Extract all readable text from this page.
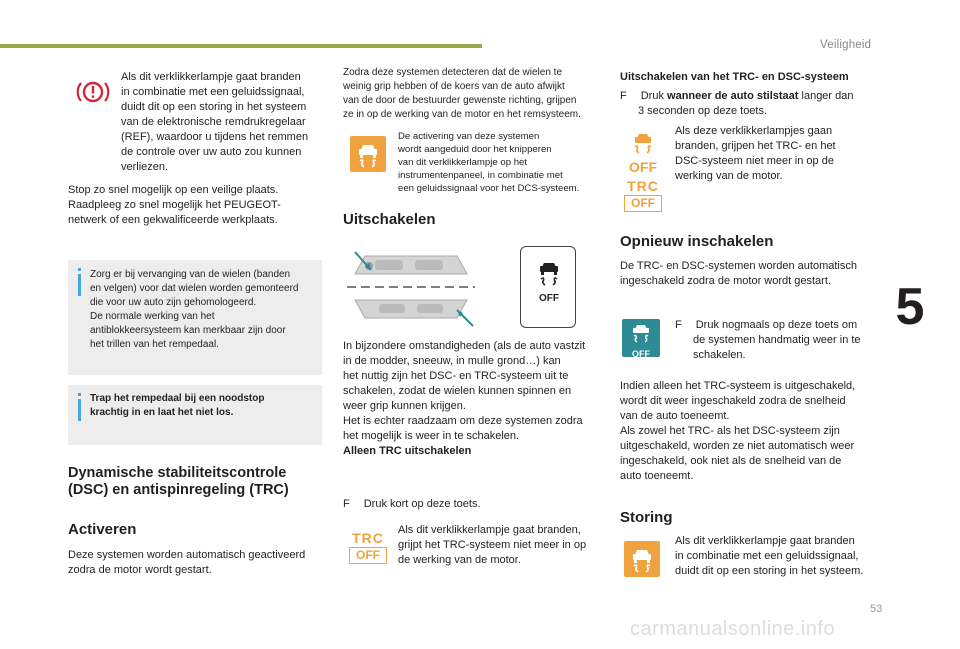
Veiligheid
5
53
carmanualsonline.info
Als dit verklikkerlampje gaat branden
in combinatie met een geluidssignaal,
duidt dit op een storing in het systeem
van de elektronische remdrukregelaar
(REF), waardoor u tijdens het remmen
de controle over uw auto zou kunnen
verliezen.
Stop zo snel mogelijk op een veilige plaats.
Raadpleeg zo snel mogelijk het PEUGEOT-
netwerk of een gekwalificeerde werkplaats.
Zorg er bij vervanging van de wielen (banden
en velgen) voor dat wielen worden gemonteerd
die voor uw auto zijn gehomologeerd.
De normale werking van het
antiblokkeersysteem kan merkbaar zijn door
het trillen van het rempedaal.
Trap het rempedaal bij een noodstop
krachtig in en laat het niet los.
Dynamische stabiliteitscontrole
(DSC) en antispinregeling (TRC)
Activeren
Deze systemen worden automatisch geactiveerd
zodra de motor wordt gestart.
Zodra deze systemen detecteren dat de wielen te
weinig grip hebben of de koers van de auto afwijkt
van de door de bestuurder gewenste richting, grijpen
ze in op de werking van de motor en het remsysteem.
De activering van deze systemen
wordt aangeduid door het knipperen
van dit verklikkerlampje op het
instrumentenpaneel, in combinatie met
een geluidssignaal voor het DCS-systeem.
Uitschakelen
OFF
In bijzondere omstandigheden (als de auto vastzit
in de modder, sneeuw, in mulle grond…) kan
het nuttig zijn het DSC- en TRC-systeem uit te
schakelen, zodat de wielen kunnen spinnen en
weer grip kunnen krijgen.
Het is echter raadzaam om deze systemen zodra
het mogelijk is weer in te schakelen.
Alleen TRC uitschakelen
F Druk kort op deze toets.
TRC
OFF
Als dit verklikkerlampje gaat branden,
grijpt het TRC-systeem niet meer in op
de werking van de motor.
Uitschakelen van het TRC- en DSC-systeem
F Druk wanneer de auto stilstaat langer dan
3 seconden op deze toets.
OFF
TRC
OFF
Als deze verklikkerlampjes gaan
branden, grijpen het TRC- en het
DSC-systeem niet meer in op de
werking van de motor.
Opnieuw inschakelen
De TRC- en DSC-systemen worden automatisch
ingeschakeld zodra de motor wordt gestart.
OFF
F Druk nogmaals op deze toets om
de systemen handmatig weer in te
schakelen.
Indien alleen het TRC-systeem is uitgeschakeld,
wordt dit weer ingeschakeld zodra de snelheid
van de auto toeneemt.
Als zowel het TRC- als het DSC-systeem zijn
uitgeschakeld, worden ze niet automatisch weer
ingeschakeld, ook niet als de snelheid van de
auto toeneemt.
Storing
Als dit verklikkerlampje gaat branden
in combinatie met een geluidssignaal,
duidt dit op een storing in het systeem.
